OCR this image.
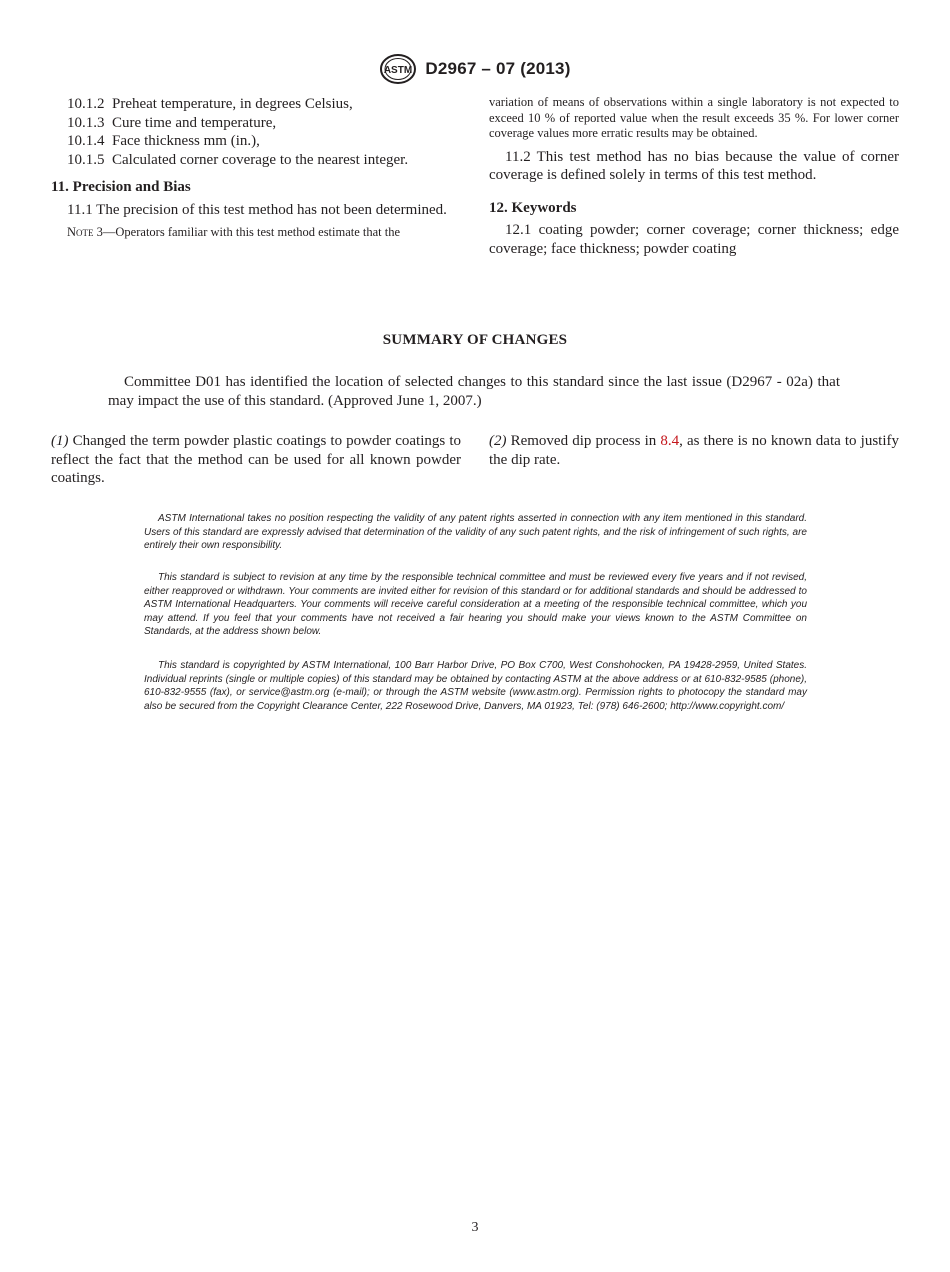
ASTM D2967 – 07 (2013)

10.1.2 Preheat temperature, in degrees Celsius,

10.1.3 Cure time and temperature,

10.1.4 Face thickness mm (in.),

10.1.5 Calculated corner coverage to the nearest integer.

11. Precision and Bias

11.1 The precision of this test method has not been determined.

Note 3—Operators familiar with this test method estimate that the

variation of means of observations within a single laboratory is not expected to exceed 10 % of reported value when the result exceeds 35 %. For lower corner coverage values more erratic results may be obtained.

11.2 This test method has no bias because the value of corner coverage is defined solely in terms of this test method.

12. Keywords

12.1 coating powder; corner coverage; corner thickness; edge coverage; face thickness; powder coating

SUMMARY OF CHANGES
Committee D01 has identified the location of selected changes to this standard since the last issue (D2967 - 02a) that may impact the use of this standard. (Approved June 1, 2007.)
(1) Changed the term powder plastic coatings to powder coatings to reflect the fact that the method can be used for all known powder coatings.
(2) Removed dip process in 8.4, as there is no known data to justify the dip rate.
ASTM International takes no position respecting the validity of any patent rights asserted in connection with any item mentioned in this standard. Users of this standard are expressly advised that determination of the validity of any such patent rights, and the risk of infringement of such rights, are entirely their own responsibility.
This standard is subject to revision at any time by the responsible technical committee and must be reviewed every five years and if not revised, either reapproved or withdrawn. Your comments are invited either for revision of this standard or for additional standards and should be addressed to ASTM International Headquarters. Your comments will receive careful consideration at a meeting of the responsible technical committee, which you may attend. If you feel that your comments have not received a fair hearing you should make your views known to the ASTM Committee on Standards, at the address shown below.
This standard is copyrighted by ASTM International, 100 Barr Harbor Drive, PO Box C700, West Conshohocken, PA 19428-2959, United States. Individual reprints (single or multiple copies) of this standard may be obtained by contacting ASTM at the above address or at 610-832-9585 (phone), 610-832-9555 (fax), or service@astm.org (e-mail); or through the ASTM website (www.astm.org). Permission rights to photocopy the standard may also be secured from the Copyright Clearance Center, 222 Rosewood Drive, Danvers, MA 01923, Tel: (978) 646-2600; http://www.copyright.com/
3
